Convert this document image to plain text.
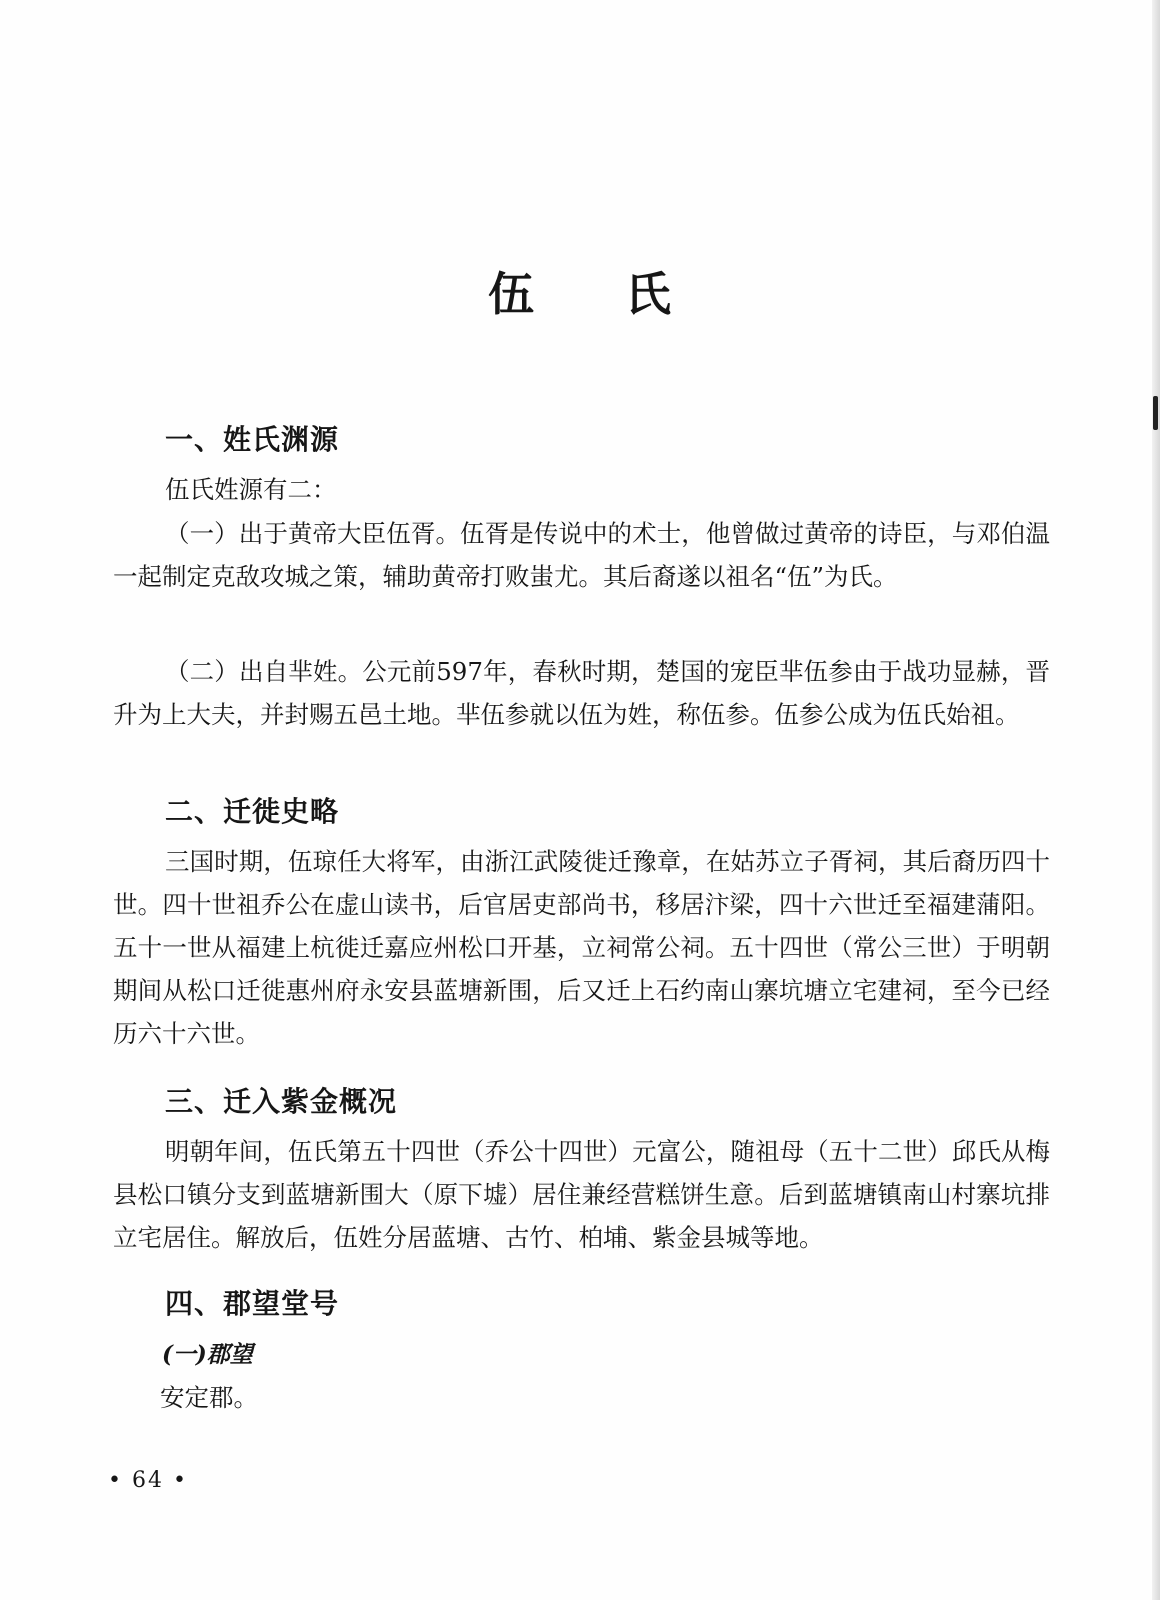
伍 氏
一、姓氏渊源

伍氏姓源有二：

（一）出于黄帝大臣伍胥。伍胥是传说中的术士，他曾做过黄帝的诗臣，与邓伯温一起制定克敌攻城之策，辅助黄帝打败蚩尤。其后裔遂以祖名“伍”为氏。

（二）出自芈姓。公元前597年，春秋时期，楚国的宠臣芈伍参由于战功显赫，晋升为上大夫，并封赐五邑土地。芈伍参就以伍为姓，称伍参。伍参公成为伍氏始祖。

二、迁徙史略

三国时期，伍琼任大将军，由浙江武陵徙迁豫章，在姑苏立子胥祠，其后裔历四十世。四十世祖乔公在虚山读书，后官居吏部尚书，移居汴梁，四十六世迁至福建蒲阳。五十一世从福建上杭徙迁嘉应州松口开基，立祠常公祠。五十四世（常公三世）于明朝期间从松口迁徙惠州府永安县蓝塘新围，后又迁上石约南山寨坑塘立宅建祠，至今已经历六十六世。

三、迁入紫金概况

明朝年间，伍氏第五十四世（乔公十四世）元富公，随祖母（五十二世）邱氏从梅县松口镇分支到蓝塘新围大（原下墟）居住兼经营糕饼生意。后到蓝塘镇南山村寨坑排立宅居住。解放后，伍姓分居蓝塘、古竹、柏埔、紫金县城等地。

四、郡望堂号
(一)郡望

安定郡。

• 64 •
